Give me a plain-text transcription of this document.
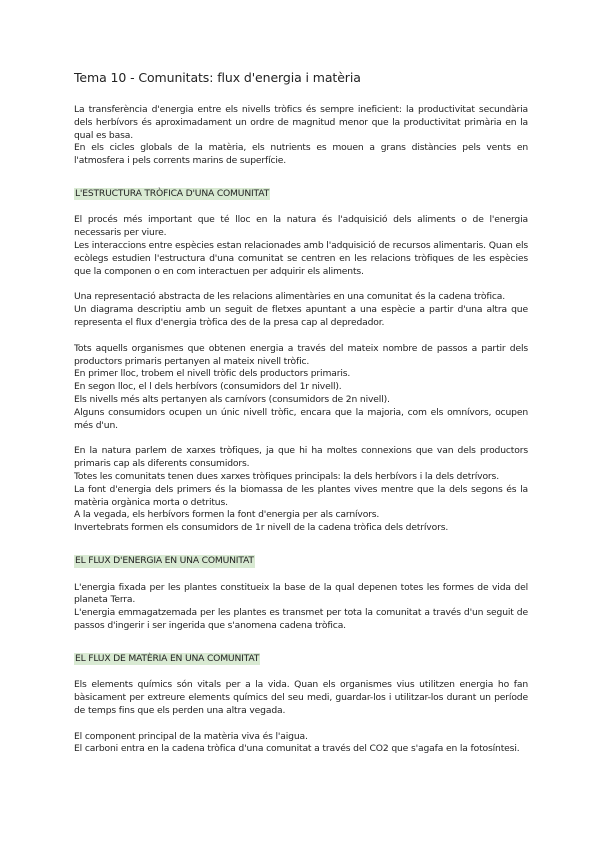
Tema 10 - Comunitats: flux d'energia i matèria

La transferència d'energia entre els nivells tròfics és sempre ineficient: la productivitat secundària dels herbívors és aproximadament un ordre de magnitud menor que la productivitat primària en la qual es basa.

En els cicles globals de la matèria, els nutrients es mouen a grans distàncies pels vents en l'atmosfera i pels corrents marins de superfície.

L'ESTRUCTURA TRÒFICA D'UNA COMUNITAT

El procés més important que té lloc en la natura és l'adquisició dels aliments o de l'energia necessaris per viure.

Les interaccions entre espècies estan relacionades amb l'adquisició de recursos alimentaris. Quan els ecòlegs estudien l'estructura d'una comunitat se centren en les relacions tròfiques de les espècies que la componen o en com interactuen per adquirir els aliments.

Una representació abstracta de les relacions alimentàries en una comunitat és la cadena tròfica.

Un diagrama descriptiu amb un seguit de fletxes apuntant a una espècie a partir d'una altra que representa el flux d'energia tròfica des de la presa cap al depredador.

Tots aquells organismes que obtenen energia a través del mateix nombre de passos a partir dels productors primaris pertanyen al mateix nivell tròfic.

En primer lloc, trobem el nivell tròfic dels productors primaris.

En segon lloc, el l dels herbívors (consumidors del 1r nivell).

Els nivells més alts pertanyen als carnívors (consumidors de 2n nivell).

Alguns consumidors ocupen un únic nivell tròfic, encara que la majoria, com els omnívors, ocupen més d'un.

En la natura parlem de xarxes tròfiques, ja que hi ha moltes connexions que van dels productors primaris cap als diferents consumidors.

Totes les comunitats tenen dues xarxes tròfiques principals: la dels herbívors i la dels detrívors.

La font d'energia dels primers és la biomassa de les plantes vives mentre que la dels segons és la matèria orgànica morta o detritus.

A la vegada, els herbívors formen la font d'energia per als carnívors.

Invertebrats formen els consumidors de 1r nivell de la cadena tròfica dels detrívors.

EL FLUX D'ENERGIA EN UNA COMUNITAT

L'energia fixada per les plantes constitueix la base de la qual depenen totes les formes de vida del planeta Terra.

L'energia emmagatzemada per les plantes es transmet per tota la comunitat a través d'un seguit de passos d'ingerir i ser ingerida que s'anomena cadena tròfica.

EL FLUX DE MATÈRIA EN UNA COMUNITAT

Els elements químics són vitals per a la vida. Quan els organismes vius utilitzen energia ho fan bàsicament per extreure elements químics del seu medi, guardar-los i utilitzar-los durant un període de temps fins que els perden una altra vegada.

El component principal de la matèria viva és l'aigua.

El carboni entra en la cadena tròfica d'una comunitat a través del CO2 que s'agafa en la fotosíntesi.
